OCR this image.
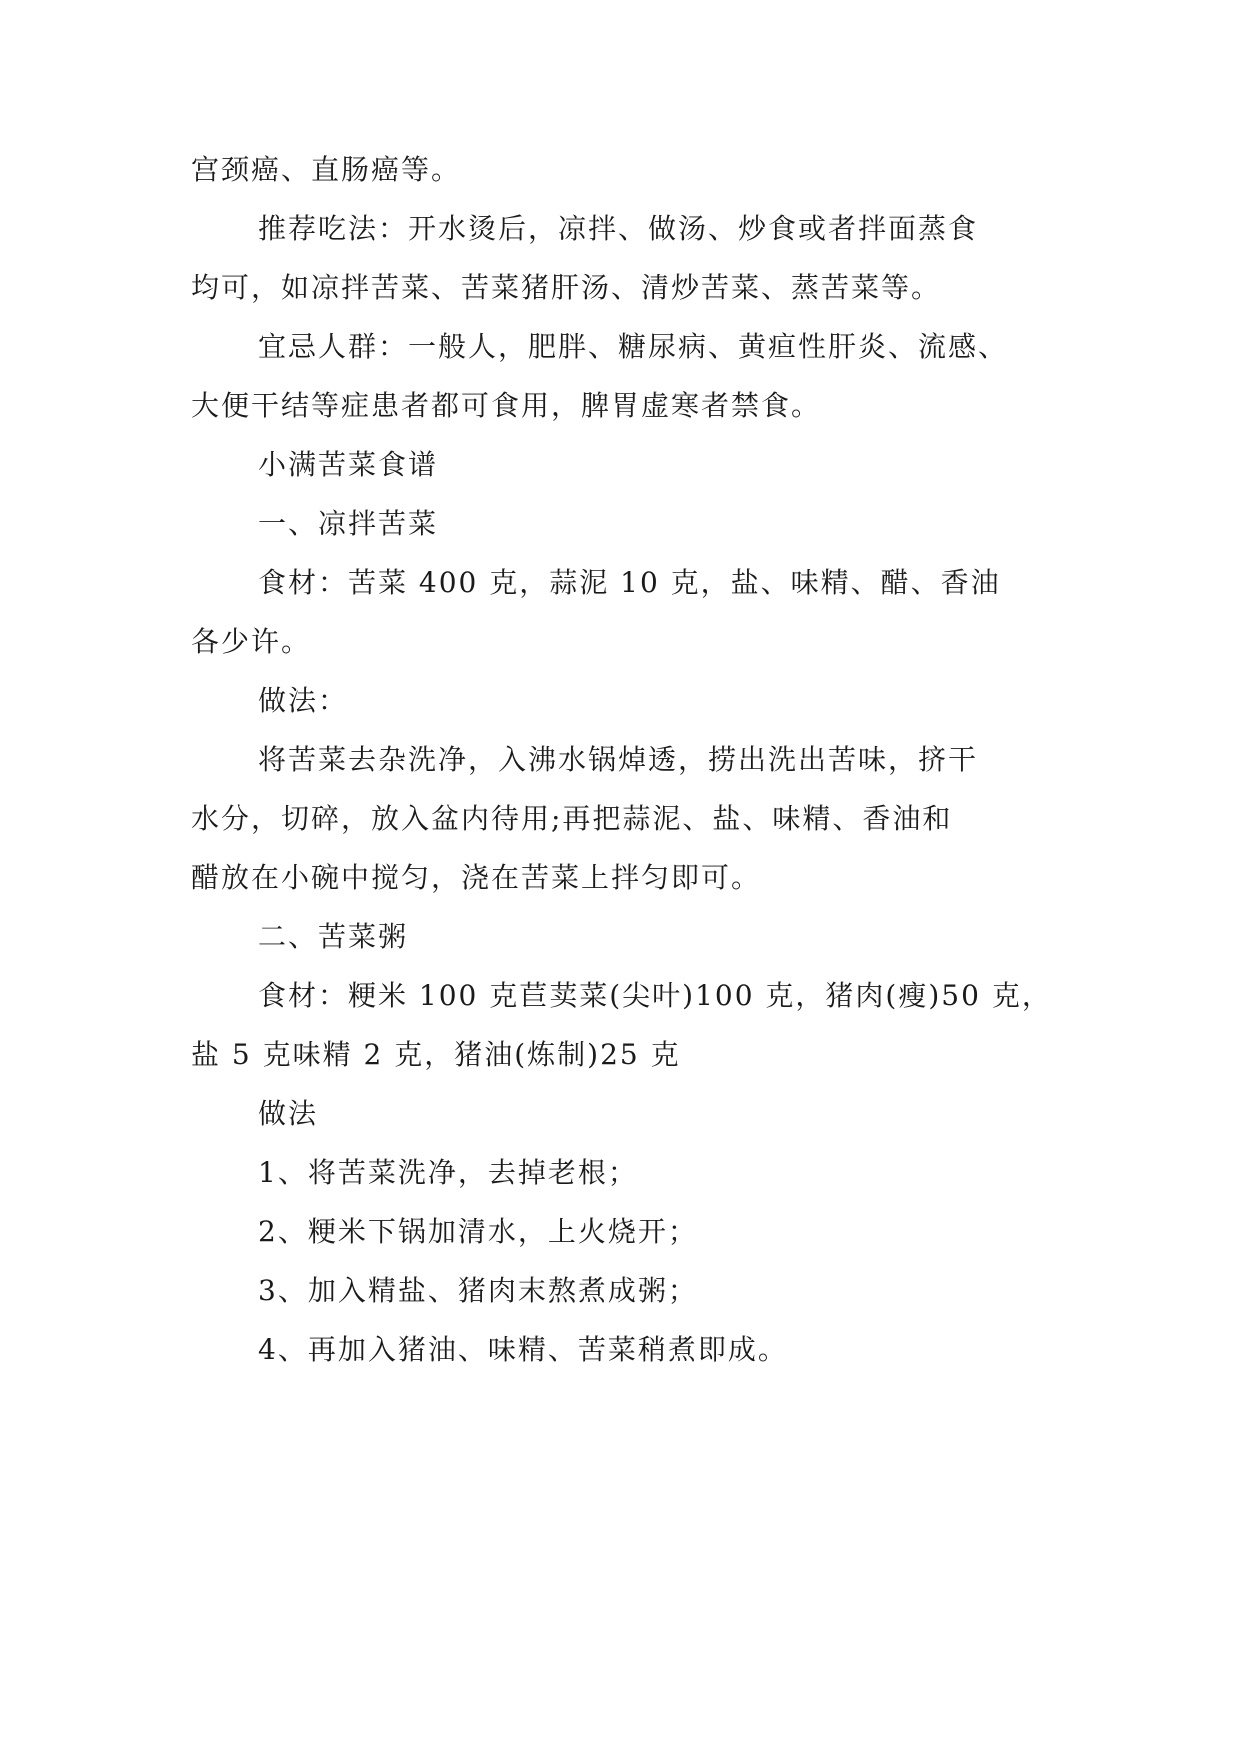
宫颈癌、直肠癌等。
推荐吃法：开水烫后，凉拌、做汤、炒食或者拌面蒸食
均可，如凉拌苦菜、苦菜猪肝汤、清炒苦菜、蒸苦菜等。
宜忌人群：一般人，肥胖、糖尿病、黄疸性肝炎、流感、
大便干结等症患者都可食用，脾胃虚寒者禁食。
小满苦菜食谱
一、凉拌苦菜
食材：苦菜 400 克，蒜泥 10 克，盐、味精、醋、香油
各少许。
做法：
将苦菜去杂洗净，入沸水锅焯透，捞出洗出苦味，挤干
水分，切碎，放入盆内待用;再把蒜泥、盐、味精、香油和
醋放在小碗中搅匀，浇在苦菜上拌匀即可。
二、苦菜粥
食材：粳米 100 克苣荬菜(尖叶)100 克，猪肉(瘦)50 克，
盐 5 克味精 2 克，猪油(炼制)25 克
做法
1、将苦菜洗净，去掉老根；
2、粳米下锅加清水，上火烧开；
3、加入精盐、猪肉末熬煮成粥；
4、再加入猪油、味精、苦菜稍煮即成。
